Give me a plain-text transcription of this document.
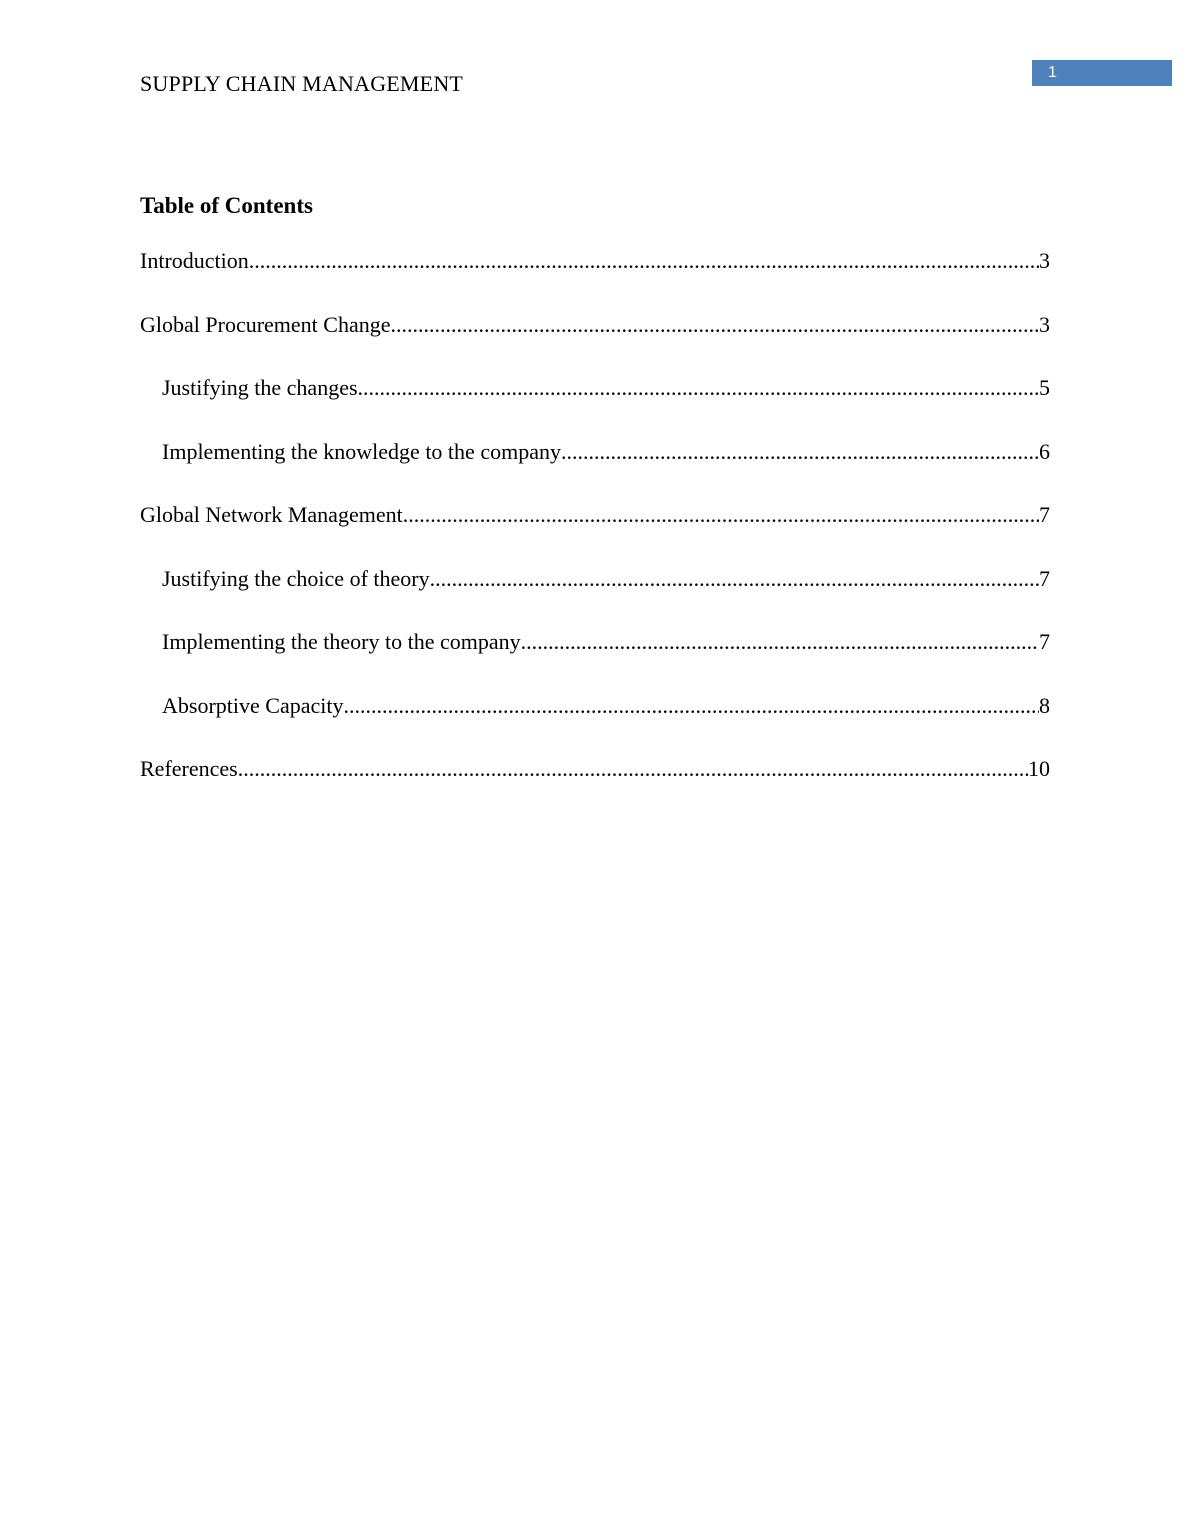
1
SUPPLY CHAIN MANAGEMENT
Table of Contents
Introduction .....	3
Global Procurement Change .....	3
Justifying the changes .....	5
Implementing the knowledge to the company .....	6
Global Network Management .....	7
Justifying the choice of theory .....	7
Implementing the theory to the company .....	7
Absorptive Capacity .....	8
References .....	10
